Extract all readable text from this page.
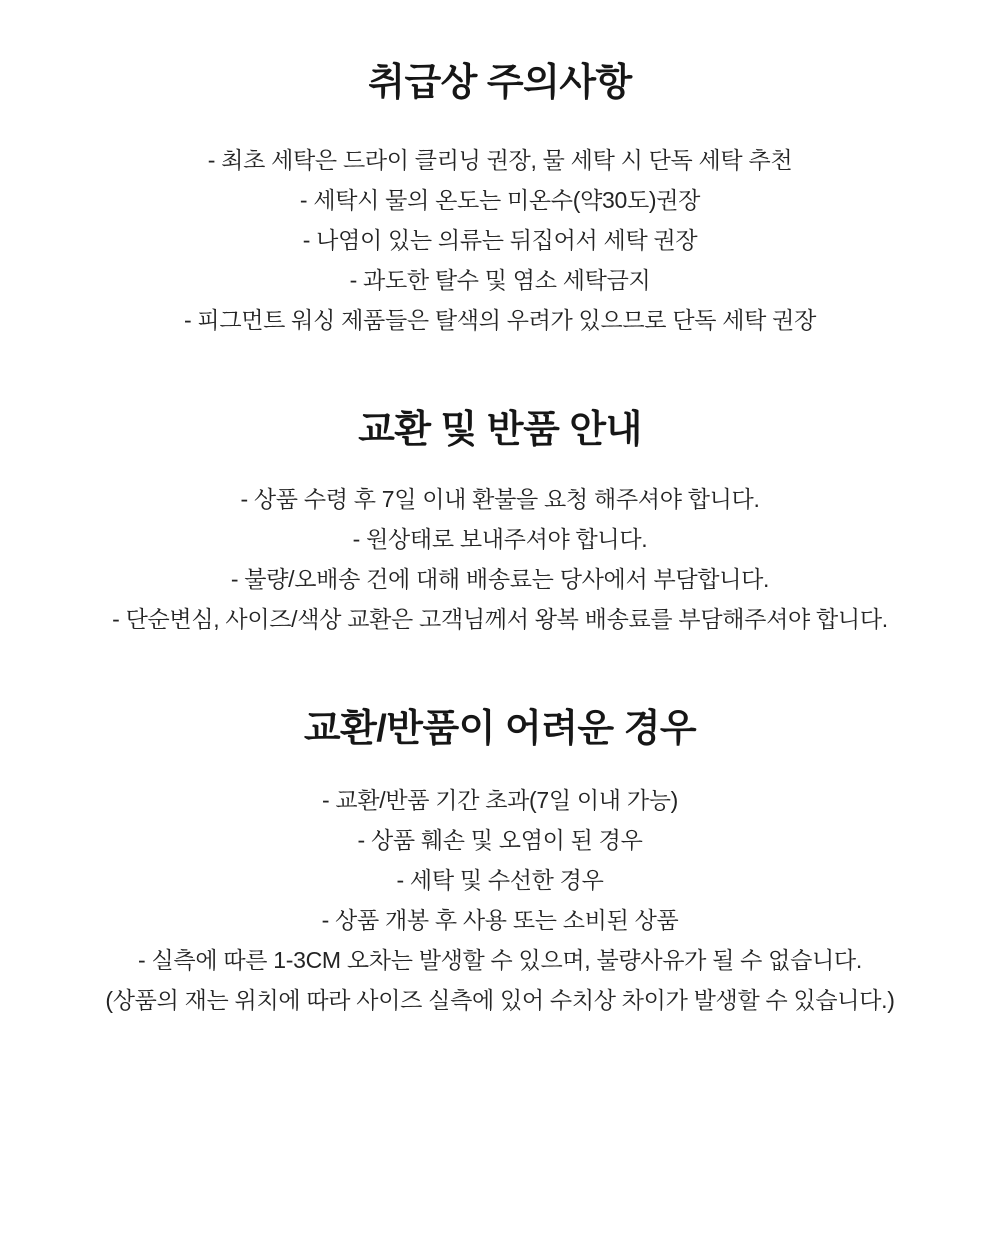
취급상 주의사항

- 최초 세탁은 드라이 클리닝 권장, 물 세탁 시 단독 세탁 추천

- 세탁시 물의 온도는 미온수(약30도)권장

- 나염이 있는 의류는 뒤집어서 세탁 권장

- 과도한 탈수 및 염소 세탁금지

- 피그먼트 워싱 제품들은 탈색의 우려가 있으므로 단독 세탁 권장

교환 및 반품 안내

- 상품 수령 후 7일 이내 환불을 요청 해주셔야 합니다.

- 원상태로 보내주셔야 합니다.

- 불량/오배송 건에 대해 배송료는 당사에서 부담합니다.

- 단순변심, 사이즈/색상 교환은 고객님께서 왕복 배송료를 부담해주셔야 합니다.

교환/반품이 어려운 경우

- 교환/반품 기간 초과(7일 이내 가능)

- 상품 훼손 및 오염이 된 경우

- 세탁 및 수선한 경우

- 상품 개봉 후 사용 또는 소비된 상품

- 실측에 따른 1-3CM 오차는 발생할 수 있으며, 불량사유가 될 수 없습니다.

(상품의 재는 위치에 따라 사이즈 실측에 있어 수치상 차이가 발생할 수 있습니다.)
